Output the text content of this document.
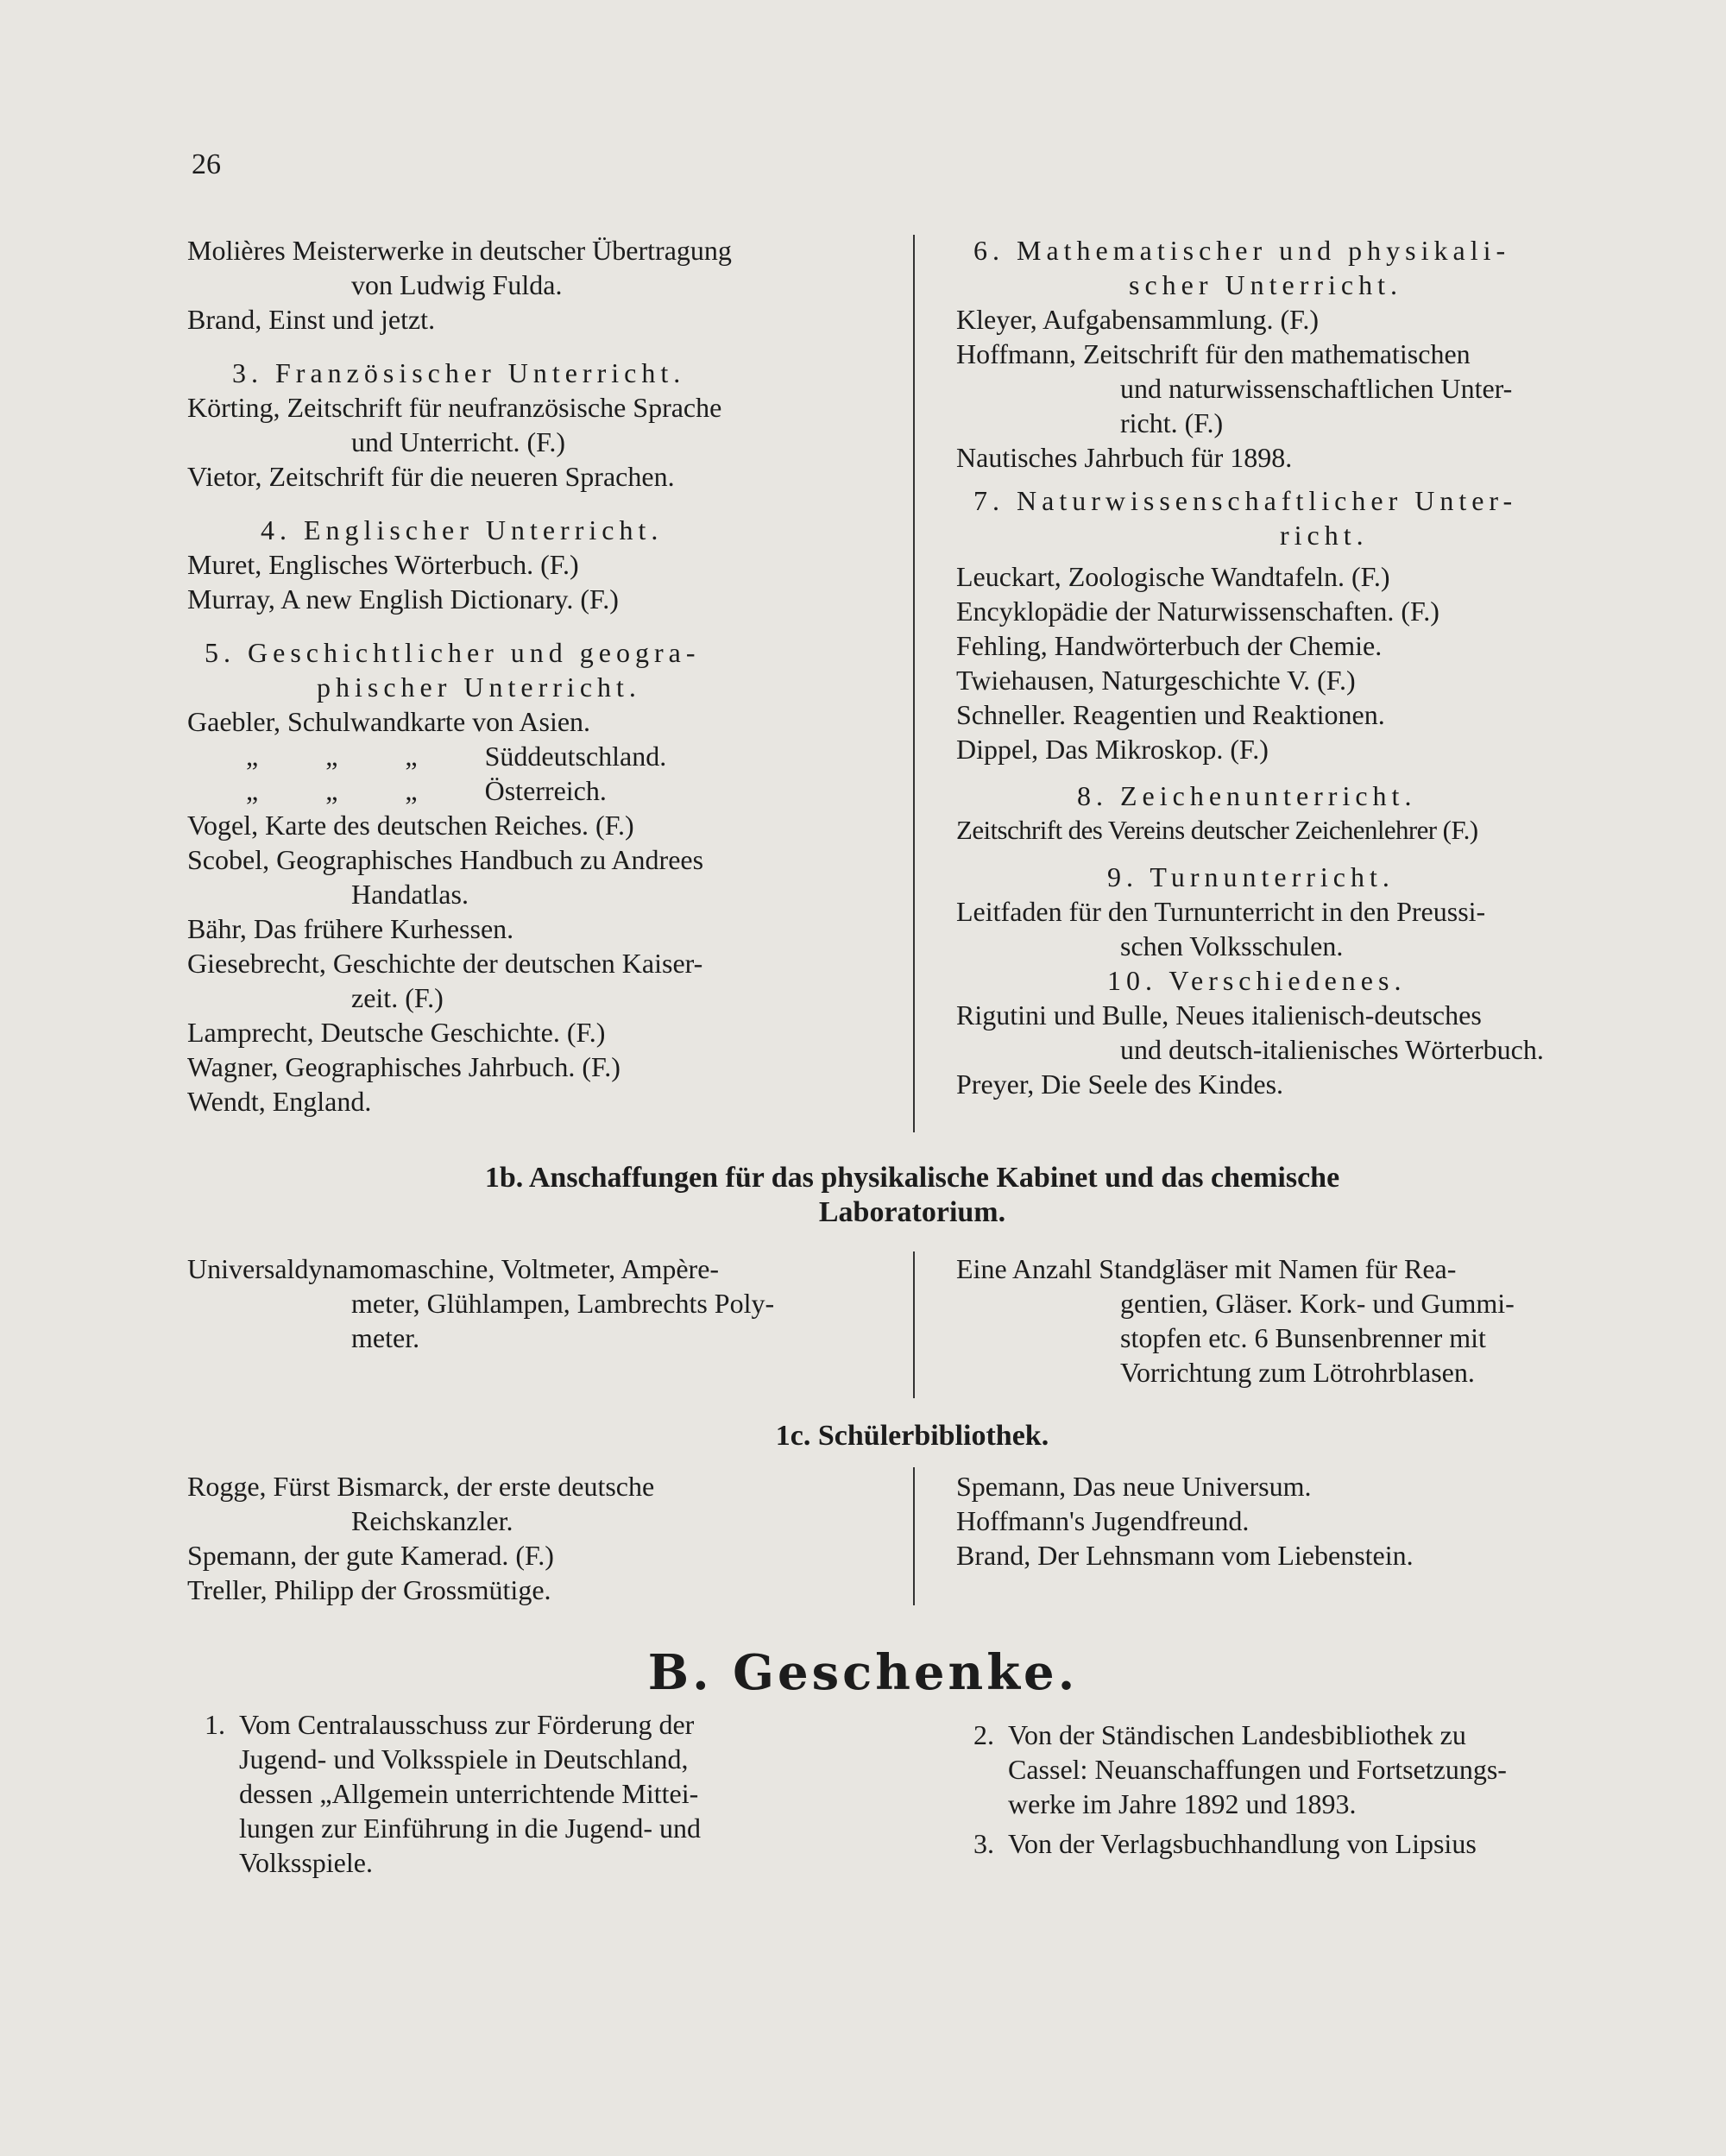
26
Molières Meisterwerke in deutscher Übertragung
von Ludwig Fulda.
Brand, Einst und jetzt.
3. Französischer Unterricht.
Körting, Zeitschrift für neufranzösische Sprache
und Unterricht. (F.)
Vietor, Zeitschrift für die neueren Sprachen.
4. Englischer Unterricht.
Muret, Englisches Wörterbuch. (F.)
Murray, A new English Dictionary. (F.)
5. Geschichtlicher und geogra-
phischer Unterricht.
Gaebler, Schulwandkarte von Asien.
„ „ „ Süddeutschland.
„ „ „ Österreich.
Vogel, Karte des deutschen Reiches. (F.)
Scobel, Geographisches Handbuch zu Andrees
Handatlas.
Bähr, Das frühere Kurhessen.
Giesebrecht, Geschichte der deutschen Kaiser-
zeit. (F.)
Lamprecht, Deutsche Geschichte. (F.)
Wagner, Geographisches Jahrbuch. (F.)
Wendt, England.
6. Mathematischer und physikali-
scher Unterricht.
Kleyer, Aufgabensammlung. (F.)
Hoffmann, Zeitschrift für den mathematischen
und naturwissenschaftlichen Unter-
richt. (F.)
Nautisches Jahrbuch für 1898.
7. Naturwissenschaftlicher Unter-
richt.
Leuckart, Zoologische Wandtafeln. (F.)
Encyklopädie der Naturwissenschaften. (F.)
Fehling, Handwörterbuch der Chemie.
Twiehausen, Naturgeschichte V. (F.)
Schneller. Reagentien und Reaktionen.
Dippel, Das Mikroskop. (F.)
8. Zeichenunterricht.
Zeitschrift des Vereins deutscher Zeichenlehrer (F.)
9. Turnunterricht.
Leitfaden für den Turnunterricht in den Preussi-
schen Volksschulen.
10. Verschiedenes.
Rigutini und Bulle, Neues italienisch-deutsches
und deutsch-italienisches Wörterbuch.
Preyer, Die Seele des Kindes.
1b. Anschaffungen für das physikalische Kabinet und das chemische
Laboratorium.
Universaldynamomaschine, Voltmeter, Ampère-
meter, Glühlampen, Lambrechts Poly-
meter.
Eine Anzahl Standgläser mit Namen für Rea-
gentien, Gläser. Kork- und Gummi-
stopfen etc. 6 Bunsenbrenner mit
Vorrichtung zum Lötrohrblasen.
1c. Schülerbibliothek.
Rogge, Fürst Bismarck, der erste deutsche
Reichskanzler.
Spemann, der gute Kamerad. (F.)
Treller, Philipp der Grossmütige.
Spemann, Das neue Universum.
Hoffmann's Jugendfreund.
Brand, Der Lehnsmann vom Liebenstein.
B. Geschenke.
1. Vom Centralausschuss zur Förderung der
Jugend- und Volksspiele in Deutschland,
dessen „Allgemein unterrichtende Mittei-
lungen zur Einführung in die Jugend- und
Volksspiele.
2. Von der Ständischen Landesbibliothek zu
Cassel: Neuanschaffungen und Fortsetzungs-
werke im Jahre 1892 und 1893.
3. Von der Verlagsbuchhandlung von Lipsius
